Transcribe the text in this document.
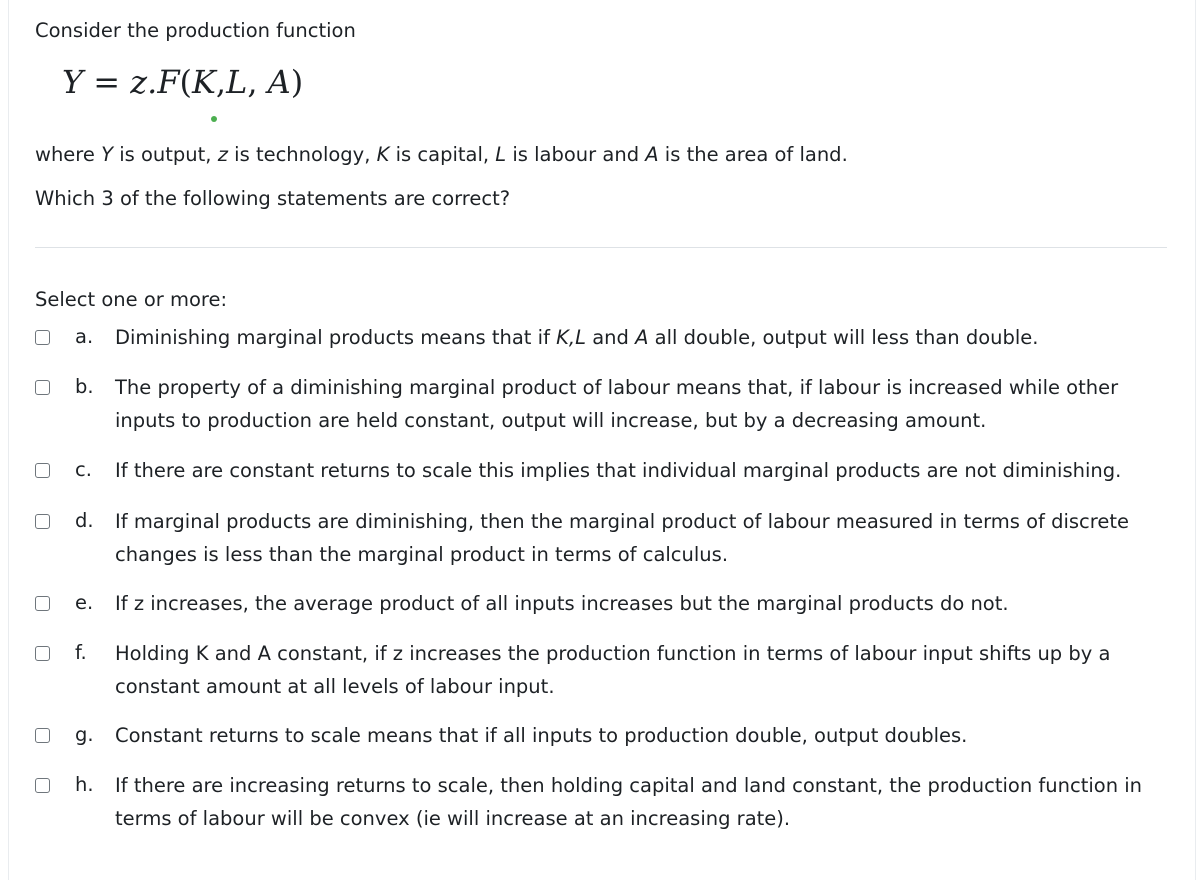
Consider the production function
Y = z.F(K,L, A)
where Y is output, z is technology, K is capital, L is labour and A is the area of land.
Which 3 of the following statements are correct?
Select one or more:
a. Diminishing marginal products means that if K,L and A all double, output will less than double.
b. The property of a diminishing marginal product of labour means that, if labour is increased while other inputs to production are held constant, output will increase, but by a decreasing amount.
c. If there are constant returns to scale this implies that individual marginal products are not diminishing.
d. If marginal products are diminishing, then the marginal product of labour measured in terms of discrete changes is less than the marginal product in terms of calculus.
e. If z increases, the average product of all inputs increases but the marginal products do not.
f. Holding K and A constant, if z increases the production function in terms of labour input shifts up by a constant amount at all levels of labour input.
g. Constant returns to scale means that if all inputs to production double, output doubles.
h. If there are increasing returns to scale, then holding capital and land constant, the production function in terms of labour will be convex (ie will increase at an increasing rate).
